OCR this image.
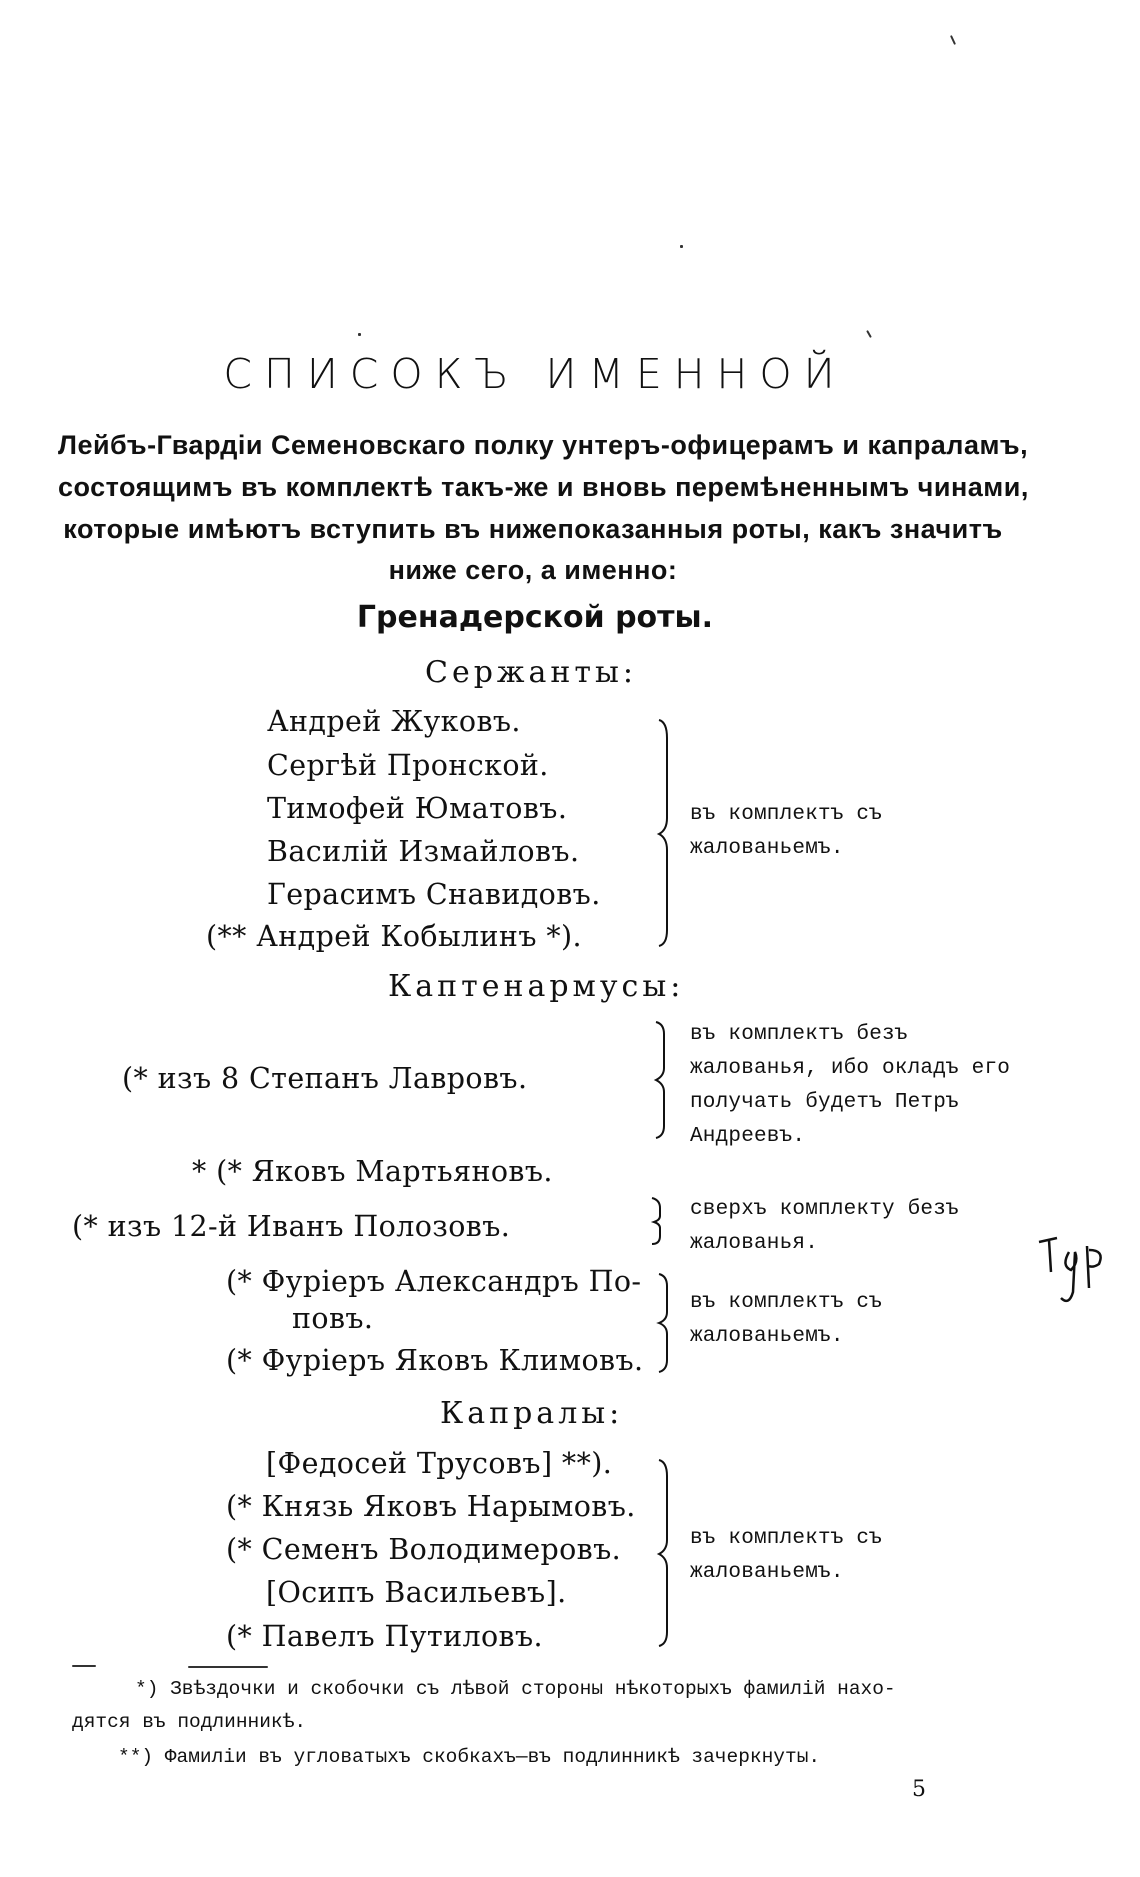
СПИСОКЪ ИМЕННОЙ
Лейбъ-Гвардіи Семеновскаго полку унтеръ-офицерамъ и капраламъ,
состоящимъ въ комплектѣ такъ-же и вновь перемѣненнымъ чинами,
которые имѣютъ вступить въ нижепоказанныя роты, какъ значитъ
ниже сего, а именно:
Гренадерской роты.
Сержанты:
Андрей Жуковъ.
Сергѣй Пронской.
Тимофей Юматовъ.
Василій Измайловъ.
Герасимъ Снавидовъ.
(** Андрей Кобылинъ *).
въ комплектъ съ жалованьемъ.
Каптенармусы:
въ комплектъ безъ жалованья, ибо окладъ его получать будетъ Петръ Андреевъ.
(* изъ 8 Степанъ Лавровъ.
* (* Яковъ Мартьяновъ.
(* изъ 12-й Иванъ Полозовъ.
сверхъ комплекту безъ жалованья.
(* Фурiеръ Александръ По-
повъ.
(* Фурiеръ Яковъ Климовъ.
въ комплектъ съ жалованьемъ.
Капралы:
[Федосей Трусовъ] **).
(* Князь Яковъ Нарымовъ.
(* Семенъ Володимеровъ.
[Осипъ Васильевъ].
(* Павелъ Путиловъ.
въ комплектъ съ жалованьемъ.
*) Звѣздочки и скобочки съ лѣвой стороны нѣкоторыхъ фамилій нахо-
дятся въ подлинникѣ.
**) Фамиліи въ угловатыхъ скобкахъ—въ подлинникѣ зачеркнуты.
5
